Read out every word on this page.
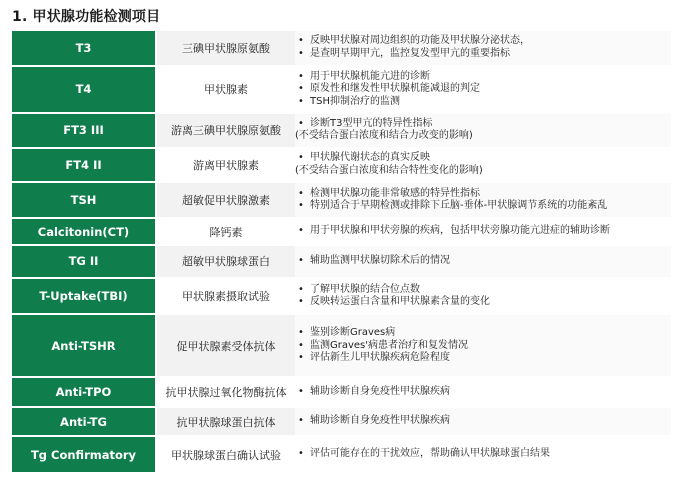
1. 甲状腺功能检测项目
T3	三碘甲状腺原氨酸	• 反映甲状腺对周边组织的功能及甲状腺分泌状态，
• 是查明早期甲亢，监控复发型甲亢的重要指标

T4	甲状腺素	• 用于甲状腺机能亢进的诊断
• 原发性和继发性甲状腺机能减退的判定
• TSH抑制治疗的监测

FT3 III	游离三碘甲状腺原氨酸	• 诊断T3型甲亢的特异性指标
(不受结合蛋白浓度和结合力改变的影响)

FT4 II	游离甲状腺素	• 甲状腺代谢状态的真实反映
(不受结合蛋白浓度和结合特性变化的影响)

TSH	超敏促甲状腺激素	• 检测甲状腺功能非常敏感的特异性指标
• 特别适合于早期检测或排除下丘脑-垂体-甲状腺调节系统的功能紊乱

Calcitonin(CT)	降钙素	• 用于甲状腺和甲状旁腺的疾病，包括甲状旁腺功能亢进症的辅助诊断

TG II	超敏甲状腺球蛋白	• 辅助监测甲状腺切除术后的情况

T-Uptake(TBI)	甲状腺素摄取试验	• 了解甲状腺的结合位点数
• 反映转运蛋白含量和甲状腺素含量的变化

Anti-TSHR	促甲状腺素受体抗体	• 鉴别诊断Graves病
• 监测Graves'病患者治疗和复发情况
• 评估新生儿甲状腺疾病危险程度

Anti-TPO	抗甲状腺过氧化物酶抗体	• 辅助诊断自身免疫性甲状腺疾病

Anti-TG	抗甲状腺球蛋白抗体	• 辅助诊断自身免疫性甲状腺疾病

Tg Confirmatory	甲状腺球蛋白确认试验	• 评估可能存在的干扰效应，帮助确认甲状腺球蛋白结果
